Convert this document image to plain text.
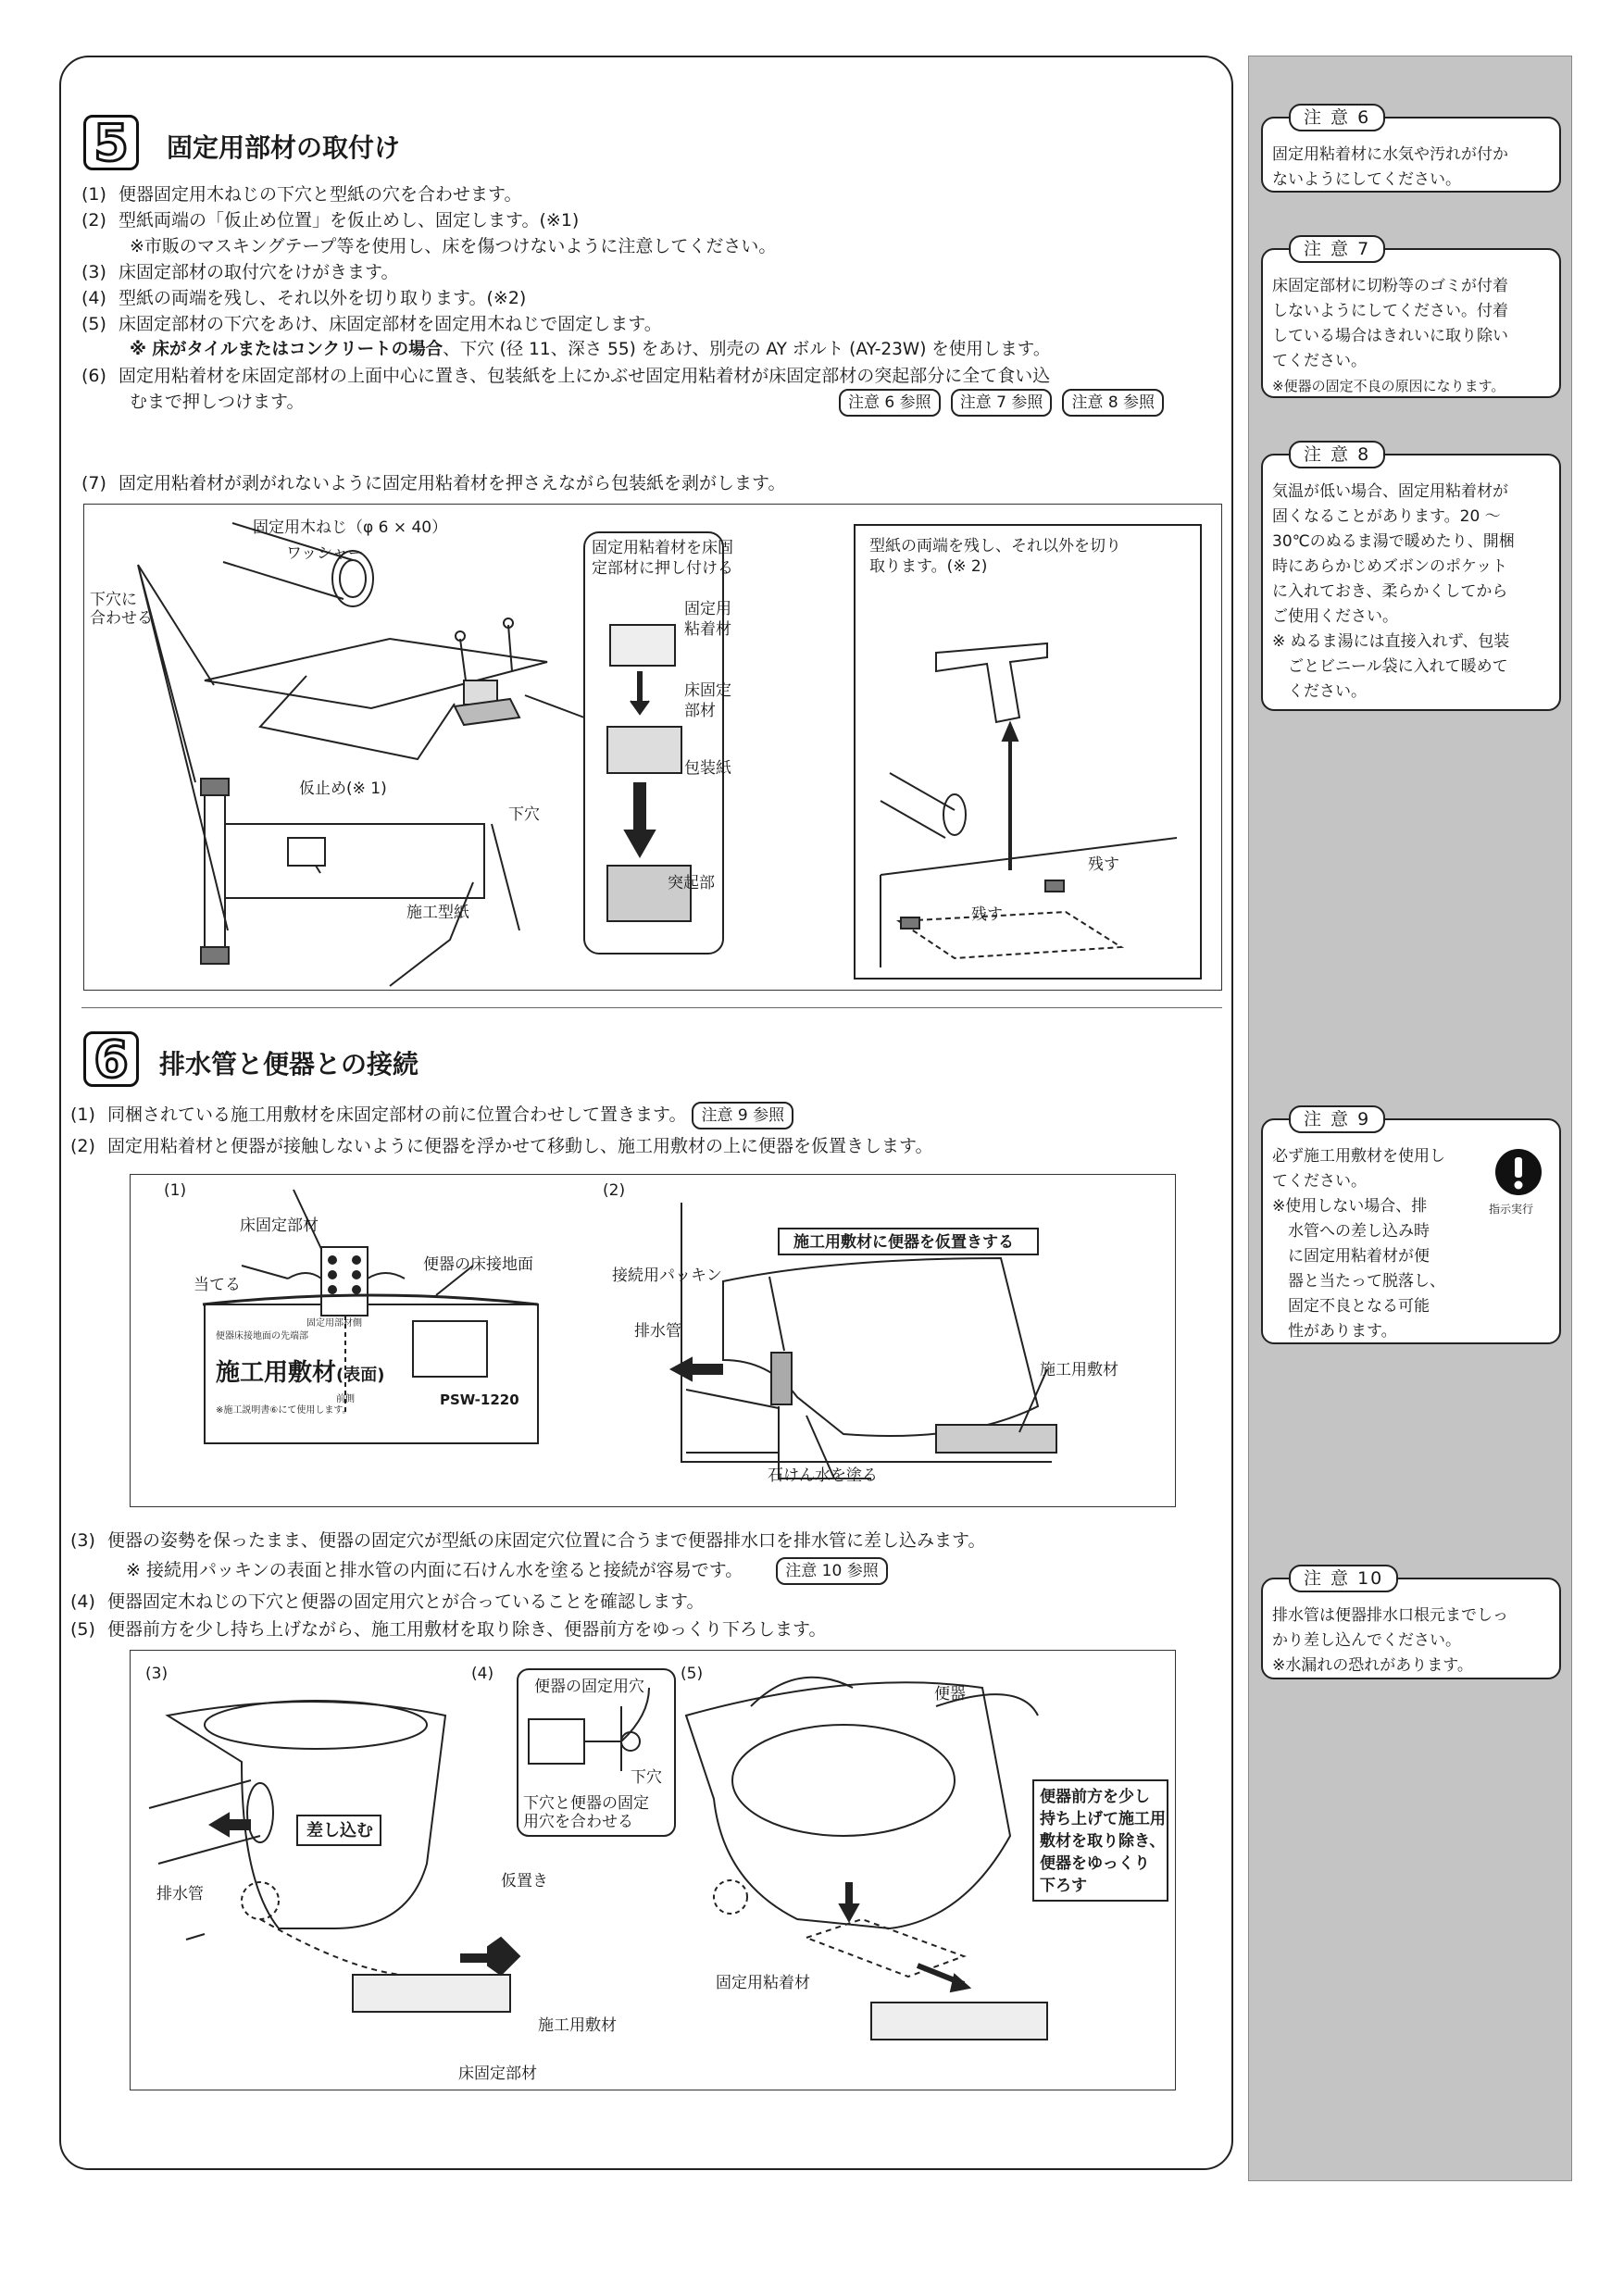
5	固定用部材の取付け
(1) 便器固定用木ねじの下穴と型紙の穴を合わせます。
(2) 型紙両端の「仮止め位置」を仮止めし、固定します。(※1)
※市販のマスキングテープ等を使用し、床を傷つけないように注意してください。
(3) 床固定部材の取付穴をけがきます。
(4) 型紙の両端を残し、それ以外を切り取ります。(※2)
(5) 床固定部材の下穴をあけ、床固定部材を固定用木ねじで固定します。
※ 床がタイルまたはコンクリートの場合、下穴 (径 11、深さ 55) をあけ、別売の AY ボルト (AY-23W) を使用します。
(6) 固定用粘着材を床固定部材の上面中心に置き、包装紙を上にかぶせ固定用粘着材が床固定部材の突起部分に全て食い込
むまで押しつけます。	注意 6 参照 注意 7 参照 注意 8 参照
(7) 固定用粘着材が剥がれないように固定用粘着材を押さえながら包装紙を剥がします。
固定用木ねじ（φ 6 × 40）
ワッシャー
下穴に
合わせる
仮止め(※ 1)
下穴
施工型紙
固定用粘着材を床固
定部材に押し付ける
固定用
粘着材
床固定
部材
包装紙
突起部
型紙の両端を残し、それ以外を切り
取ります。(※ 2)
残す
残す
6	排水管と便器との接続
(1) 同梱されている施工用敷材を床固定部材の前に位置合わせして置きます。 注意 9 参照
(2) 固定用粘着材と便器が接触しないように便器を浮かせて移動し、施工用敷材の上に便器を仮置きします。
(1)	(2)
床固定部材
当てる
便器の床接地面
便器床接地面の先端部
固定用部材側
施工用敷材(表面)
※施工説明書⑥にて使用します。
前側	PSW-1220
施工用敷材に便器を仮置きする
接続用パッキン
排水管
施工用敷材
石けん水を塗る
(3) 便器の姿勢を保ったまま、便器の固定穴が型紙の床固定穴位置に合うまで便器排水口を排水管に差し込みます。
※ 接続用パッキンの表面と排水管の内面に石けん水を塗ると接続が容易です。	注意 10 参照
(4) 便器固定木ねじの下穴と便器の固定用穴とが合っていることを確認します。
(5) 便器前方を少し持ち上げながら、施工用敷材を取り除き、便器前方をゆっくり下ろします。
(3)	(4)	(5)
差し込む
排水管
仮置き
施工用敷材
床固定部材
便器の固定用穴
下穴
下穴と便器の固定
用穴を合わせる
便器
固定用粘着材
便器前方を少し
持ち上げて施工用
敷材を取り除き、
便器をゆっくり
下ろす
注 意 6
固定用粘着材に水気や汚れが付か
ないようにしてください。
注 意 7
床固定部材に切粉等のゴミが付着
しないようにしてください。付着
している場合はきれいに取り除い
てください。
※便器の固定不良の原因になります。
注 意 8
気温が低い場合、固定用粘着材が
固くなることがあります。20 ～
30℃のぬるま湯で暖めたり、開梱
時にあらかじめズボンのポケット
に入れておき、柔らかくしてから
ご使用ください。
※ ぬるま湯には直接入れず、包装
ごとビニール袋に入れて暖めて
ください。
注 意 9
必ず施工用敷材を使用し
てください。
※使用しない場合、排
水管への差し込み時
に固定用粘着材が便
器と当たって脱落し、
固定不良となる可能
性があります。
指示実行
注 意 10
排水管は便器排水口根元までしっ
かり差し込んでください。
※水漏れの恐れがあります。
